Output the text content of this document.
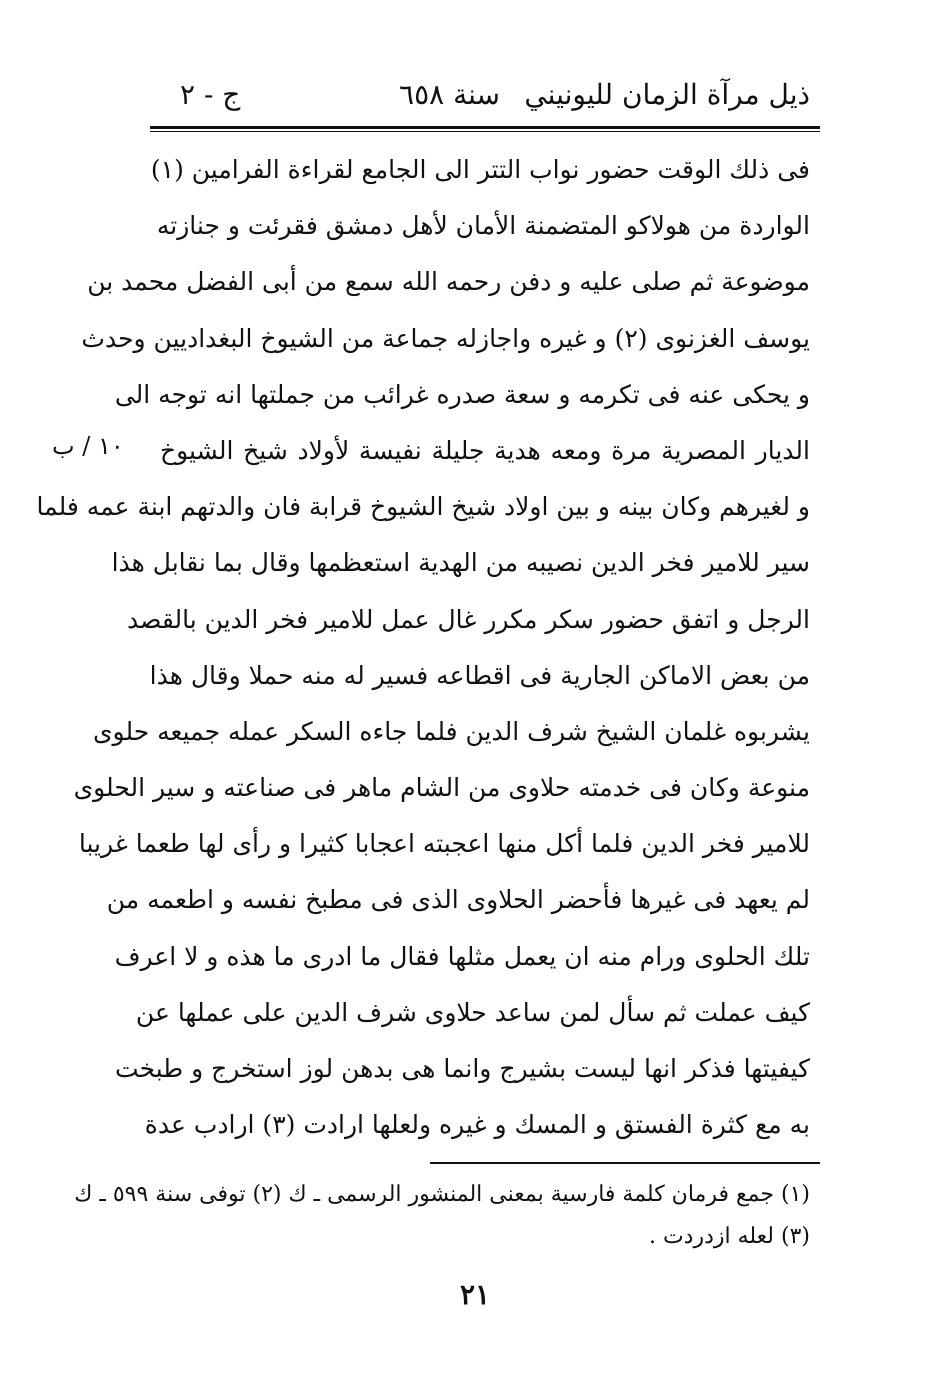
ذيل مرآة الزمان لليونيني
سنة ٦٥٨
ج - ٢
١٠ / ب
فى ذلك الوقت حضور نواب التتر الى الجامع لقراءة الفرامين (١)
الواردة من هولاكو المتضمنة الأمان لأهل دمشق فقرئت و جنازته
موضوعة ثم صلى عليه و دفن رحمه الله سمع من أبى الفضل محمد بن
يوسف الغزنوى (٢) و غيره واجازله جماعة من الشيوخ البغداديين وحدث
و يحكى عنه فى تكرمه و سعة صدره غرائب من جملتها انه توجه الى
الديار المصرية مرة ومعه هدية جليلة نفيسة لأولاد شيخ الشيوخ
و لغيرهم وكان بينه و بين اولاد شيخ الشيوخ قرابة فان والدتهم ابنة عمه فلما
سير للامير فخر الدين نصيبه من الهدية استعظمها وقال بما نقابل هذا
الرجل و اتفق حضور سكر مكرر غال عمل للامير فخر الدين بالقصد
من بعض الاماكن الجارية فى اقطاعه فسير له منه حملا وقال هذا
يشربوه غلمان الشيخ شرف الدين فلما جاءه السكر عمله جميعه حلوى
منوعة وكان فى خدمته حلاوى من الشام ماهر فى صناعته و سير الحلوى
للامير فخر الدين فلما أكل منها اعجبته اعجابا كثيرا و رأى لها طعما غريبا
لم يعهد فى غيرها فأحضر الحلاوى الذى فى مطبخ نفسه و اطعمه من
تلك الحلوى ورام منه ان يعمل مثلها فقال ما ادرى ما هذه و لا اعرف
كيف عملت ثم سأل لمن ساعد حلاوى شرف الدين على عملها عن
كيفيتها فذكر انها ليست بشيرج وانما هى بدهن لوز استخرج و طبخت
به مع كثرة الفستق و المسك و غيره ولعلها ارادت (٣) ارادب عدة
(١) جمع فرمان كلمة فارسية بمعنى المنشور الرسمى ـ ك (٢) توفى سنة ٥٩٩ ـ ك
(٣) لعله ازدردت .
٢١
